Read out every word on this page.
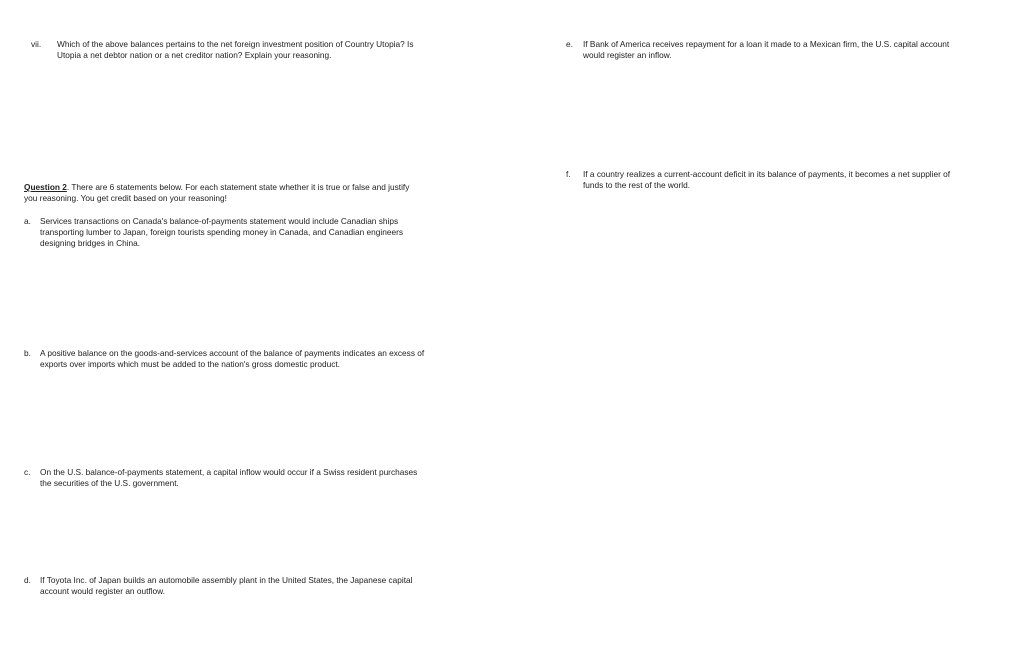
vii.	Which of the above balances pertains to the net foreign investment position of Country Utopia? Is
Utopia a net debtor nation or a net creditor nation? Explain your reasoning.
Question 2. There are 6 statements below. For each statement state whether it is true or false and justify
you reasoning. You get credit based on your reasoning!
a.	Services transactions on Canada's balance-of-payments statement would include Canadian ships
transporting lumber to Japan, foreign tourists spending money in Canada, and Canadian engineers
designing bridges in China.
b.	A positive balance on the goods-and-services account of the balance of payments indicates an excess of
exports over imports which must be added to the nation's gross domestic product.
c.	On the U.S. balance-of-payments statement, a capital inflow would occur if a Swiss resident purchases
the securities of the U.S. government.
d.	If Toyota Inc. of Japan builds an automobile assembly plant in the United States, the Japanese capital
account would register an outflow.
e.	If Bank of America receives repayment for a loan it made to a Mexican firm, the U.S. capital account
would register an inflow.
f.	If a country realizes a current-account deficit in its balance of payments, it becomes a net supplier of
funds to the rest of the world.
